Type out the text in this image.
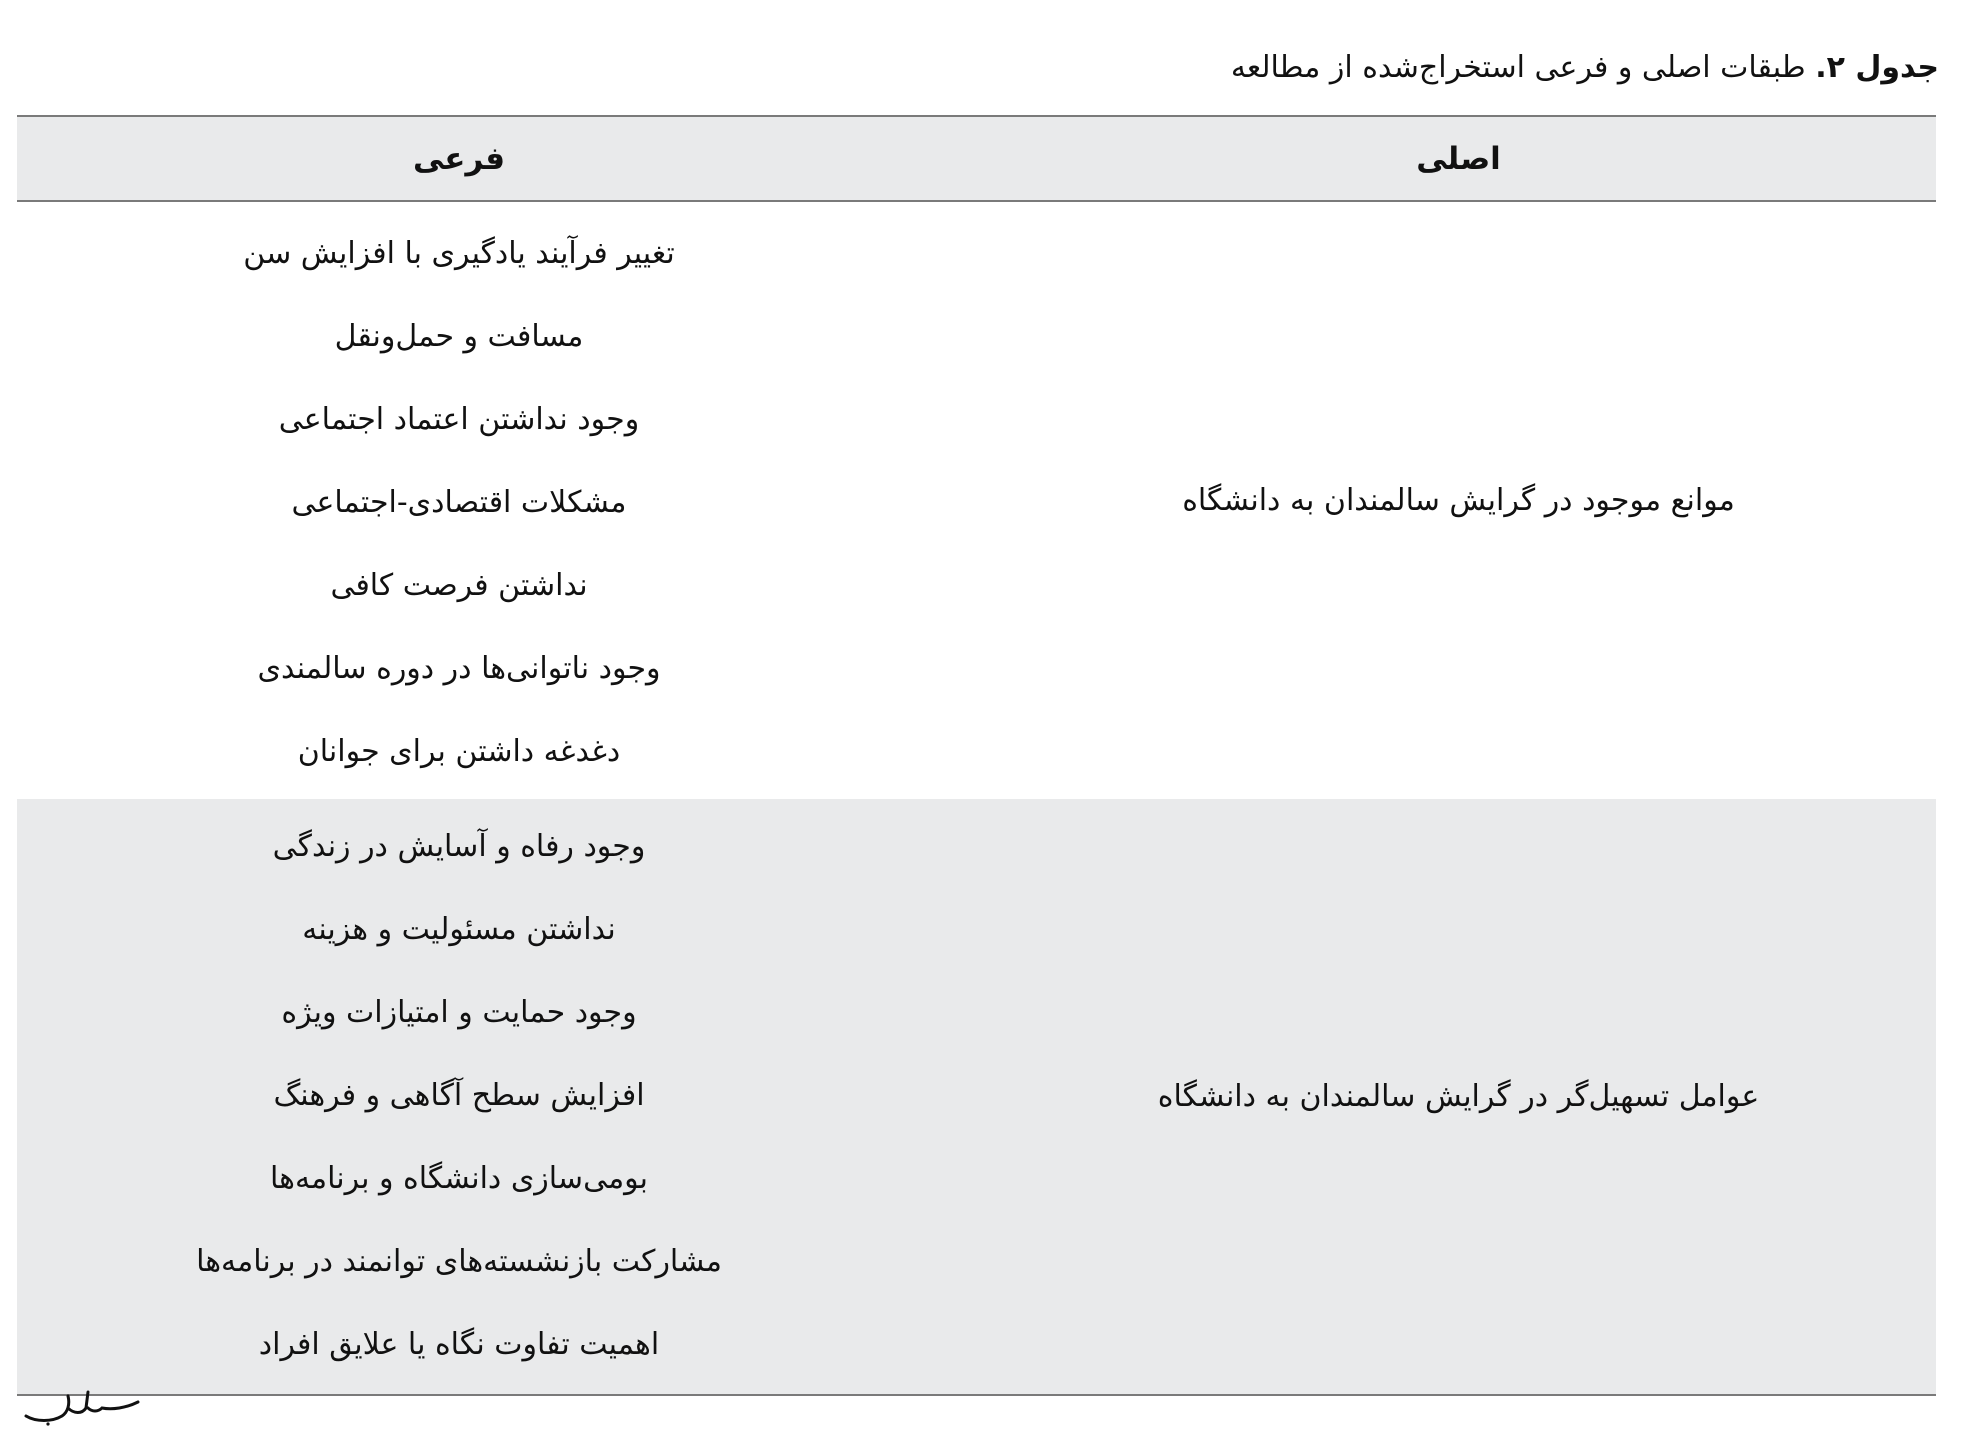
جدول ۲. طبقات اصلی و فرعی استخراج‌شده از مطالعه
اصلی
فرعی
موانع موجود در گرایش سالمندان به دانشگاه
تغییر فرآیند یادگیری با افزایش سن
مسافت و حمل‌ونقل
وجود نداشتن اعتماد اجتماعی
مشکلات اقتصادی-اجتماعی
نداشتن فرصت کافی
وجود ناتوانی‌ها در دوره سالمندی
دغدغه داشتن برای جوانان
عوامل تسهیل‌گر در گرایش سالمندان به دانشگاه
وجود رفاه و آسایش در زندگی
نداشتن مسئولیت و هزینه
وجود حمایت و امتیازات ویژه
افزایش سطح آگاهی و فرهنگ
بومی‌سازی دانشگاه و برنامه‌ها
مشارکت بازنشسته‌های توانمند در برنامه‌ها
اهمیت تفاوت نگاه یا علایق افراد
